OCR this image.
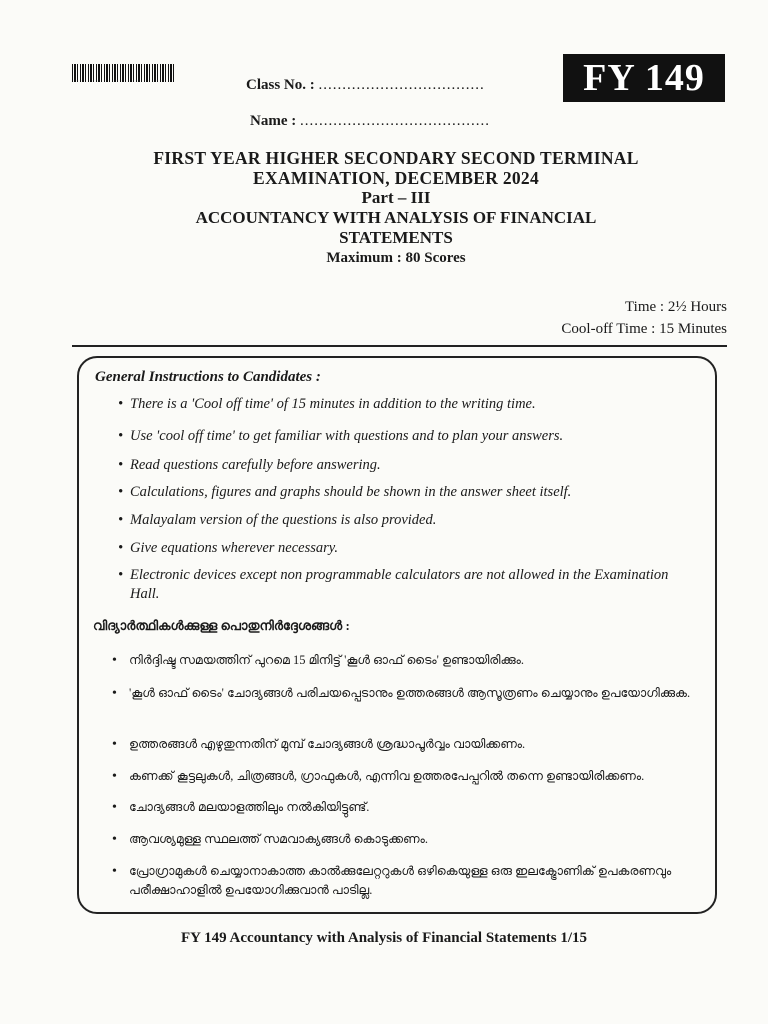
FY 149
Class No. : ...................................
Name : ........................................
FIRST YEAR HIGHER SECONDARY SECOND TERMINAL
EXAMINATION, DECEMBER 2024
Part – III
ACCOUNTANCY WITH ANALYSIS OF FINANCIAL
STATEMENTS
Maximum : 80 Scores
Time : 2½ Hours
Cool-off Time : 15 Minutes
General Instructions to Candidates :
• There is a 'Cool off time' of 15 minutes in addition to the writing time.
• Use 'cool off time' to get familiar with questions and to plan your answers.
• Read questions carefully before answering.
• Calculations, figures and graphs should be shown in the answer sheet itself.
• Malayalam version of the questions is also provided.
• Give equations wherever necessary.
• Electronic devices except non programmable calculators are not allowed in the Examination Hall.
വിദ്യാർത്ഥികൾക്കുള്ള പൊതുനിർദ്ദേശങ്ങൾ :
• നിർദ്ദിഷ്ട സമയത്തിന് പുറമെ 15 മിനിട്ട് 'കൂൾ ഓഫ് ടൈം' ഉണ്ടായിരിക്കും.
• 'കൂൾ ഓഫ് ടൈം' ചോദ്യങ്ങൾ പരിചയപ്പെടാനും ഉത്തരങ്ങൾ ആസൂത്രണം ചെയ്യാനും ഉപയോഗിക്കുക.
• ഉത്തരങ്ങൾ എഴുതുന്നതിന് മുമ്പ് ചോദ്യങ്ങൾ ശ്രദ്ധാപൂർവ്വം വായിക്കണം.
• കണക്ക് കൂട്ടലുകൾ, ചിത്രങ്ങൾ, ഗ്രാഫുകൾ, എന്നിവ ഉത്തരപേപ്പറിൽ തന്നെ ഉണ്ടായിരിക്കണം.
• ചോദ്യങ്ങൾ മലയാളത്തിലും നൽകിയിട്ടുണ്ട്.
• ആവശ്യമുള്ള സ്ഥലത്ത് സമവാക്യങ്ങൾ കൊടുക്കണം.
• പ്രോഗ്രാമുകൾ ചെയ്യാനാകാത്ത കാൽക്കുലേറ്ററുകൾ ഒഴികെയുള്ള ഒരു ഇലക്ട്രോണിക് ഉപകരണവും പരീക്ഷാഹാളിൽ ഉപയോഗിക്കുവാൻ പാടില്ല.
FY 149 Accountancy with Analysis of Financial Statements 1/15
